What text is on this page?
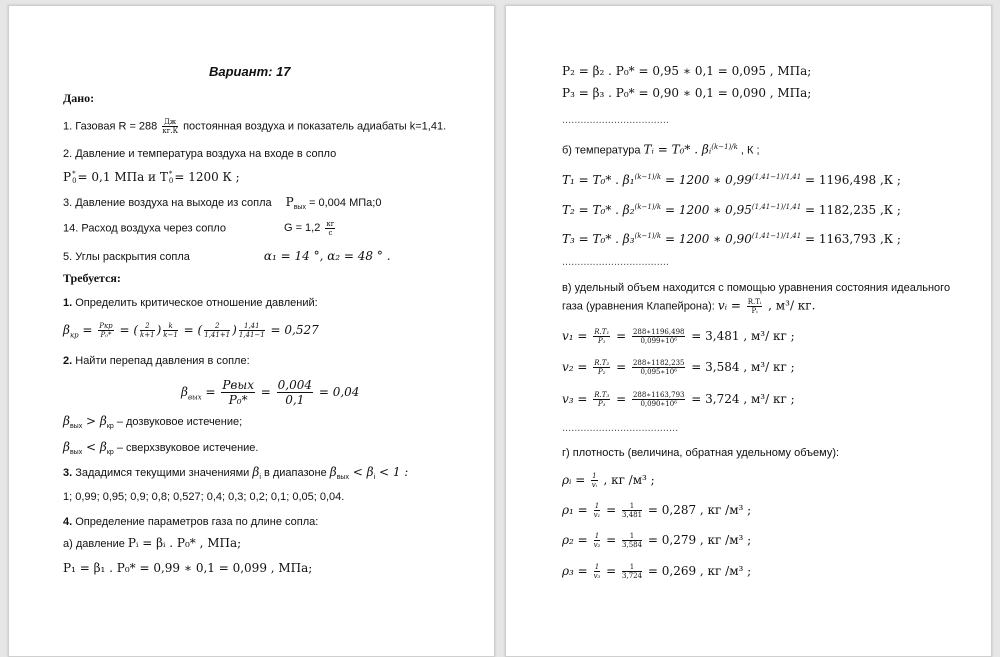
Вариант: 17
Дано:
1. Газовая R = 288 Дж
кг.К постоянная воздуха и показатель адиабаты k=1,41.
2. Давление и температура воздуха на входе в сопло
P *
0 = 0,1 МПа и T *
0 = 1200 К ;
3. Давление воздуха на выходе из сопла $P_{вых} = 0,004$ МПа;0
14. Расход воздуха через сопло	G = 1,2 кг
с
5. Углы раскрытия сопла	α₁ = 14 °, α₂ = 48 ° .
Требуется:
1. Определить критическое отношение давлений:
$\beta_{кр}$ = Pкр
P₀* = ( $\frac{2}{k+1}$ ) $\frac{k}{k-1}$ = ( $\frac{2}{1,41+1}$ ) $\frac{1,41}{1,41-1} = 0,527$
2. Найти перепад давления в сопле:
$\beta_{вых}$ = Pвых
P₀*
= $\frac{0,004}{0,1} = 0,04$
$\beta_{вых} > \beta_{кр}$ – дозвуковое истечение;
$\beta_{вых} < \beta_{кр}$ – сверхзвуковое истечение.
3. Зададимся текущими значениями $\beta_i$ в диапазоне $\beta_{вых} < \beta_i < 1$ :
1; 0,99; 0,95; 0,9; 0,8; 0,527; 0,4; 0,3; 0,2; 0,1; 0,05; 0,04.
4. Определение параметров газа по длине сопла:
а) давление Pᵢ = βᵢ . P₀* , МПа;
P₁ = β₁ . P₀* = 0,99 ∗ 0,1 = 0,099 , МПа;
P₂ = β₂ . P₀* = 0,95 ∗ 0,1 = 0,095 , МПа;
P₃ = β₃ . P₀* = 0,90 ∗ 0,1 = 0,090 , МПа;
...................................
б) температура Tᵢ = T₀* . βᵢ(k−1)/k , К ;
T₁ = T₀* . β₁(k−1)/k = 1200 ∗ 0,99(1,41−1)/1,41 = 1196,498 ,К ;
T₂ = T₀* . β₂(k−1)/k = 1200 ∗ 0,95(1,41−1)/1,41 = 1182,235 ,К ;
T₃ = T₀* . β₃(k−1)/k = 1200 ∗ 0,90(1,41−1)/1,41 = 1163,793 ,К ;
...................................
в) удельный объем находится с помощью уравнения состояния идеального
газа (уравнения Клапейрона): vᵢ = $\frac{\text{R.Tᵢ}}{\text{Pᵢ}}$ , м³/ кг.
$v_1 = \frac{\text{R.T₁}}{\text{P₁}} = \frac{288∗1196,498}{\text{0,099∗10⁶}} = 3,481$ , м³/ кг ;
$v_2 = \frac{\text{R.T₂}}{\text{P₂}} = \frac{288∗1182,235}{\text{0,095∗10⁶}} = 3,584$ , м³/ кг ;
$v_3 = \frac{\text{R.T₃}}{\text{P₃}} = \frac{288∗1163,793}{\text{0,090∗10⁶}} = 3,724$ , м³/ кг ;
......................................
г) плотность (величина, обратная удельному объему):
ρᵢ = $\frac{1}{\text{vᵢ}}$ , кг /м³ ;
$\rho_1 = \frac{1}{\text{v₁}} = \frac{1}{3,481} = 0,287$ , кг /м³ ;
$\rho_2 = \frac{1}{\text{v₂}} = \frac{1}{3,584} = 0,279$ , кг /м³ ;
$\rho_3 = \frac{1}{\text{v₃}} = \frac{1}{3,724} = 0,269$ , кг /м³ ;
